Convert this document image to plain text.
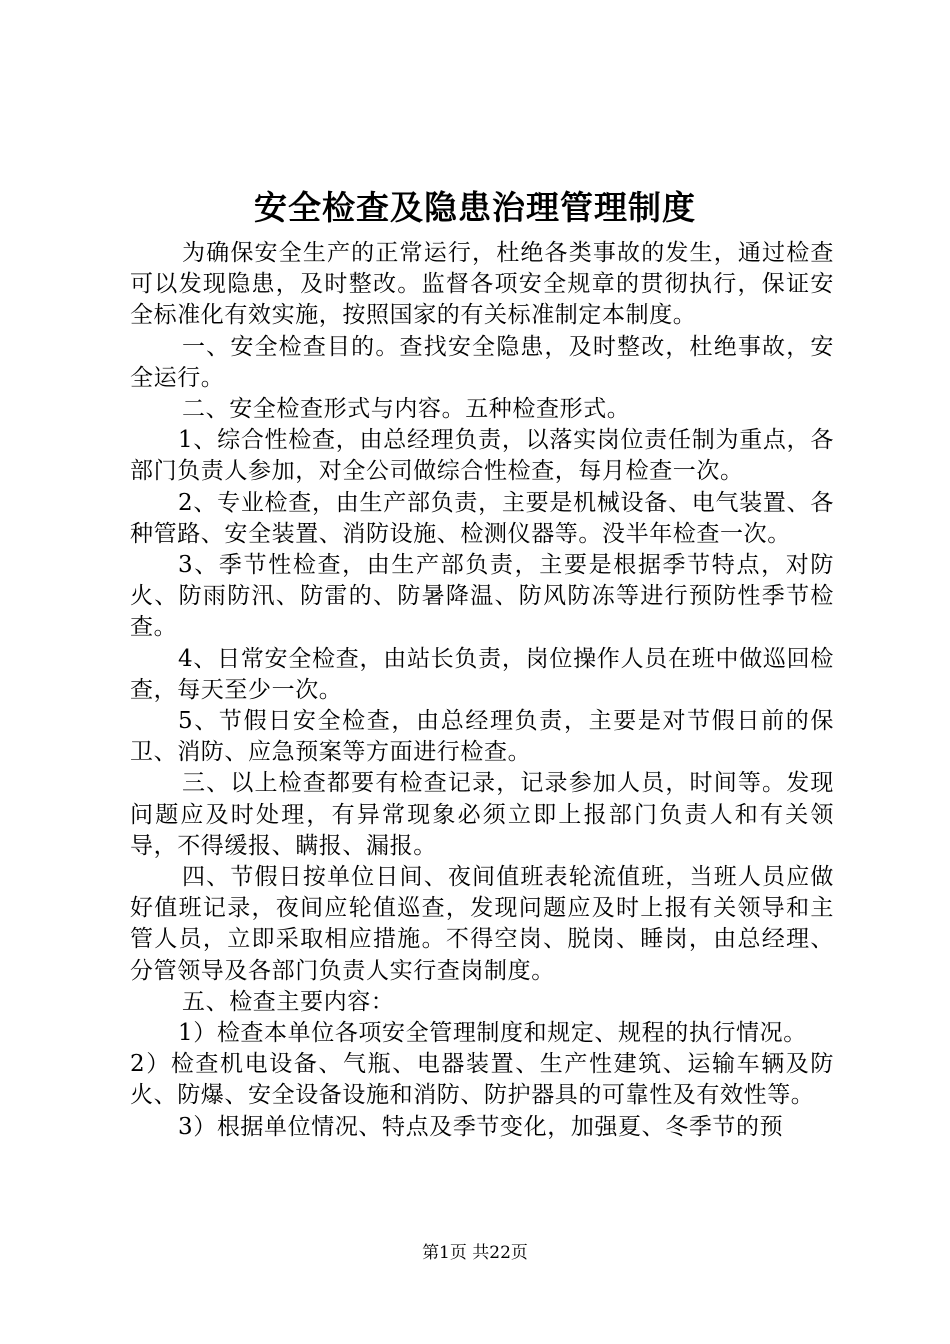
安全检查及隐患治理管理制度

为确保安全生产的正常运行，杜绝各类事故的发生，通过检查可以发现隐患，及时整改。监督各项安全规章的贯彻执行，保证安全标准化有效实施，按照国家的有关标准制定本制度。

一、安全检查目的。查找安全隐患，及时整改，杜绝事故，安全运行。

二、安全检查形式与内容。五种检查形式。

1、综合性检查，由总经理负责，以落实岗位责任制为重点，各部门负责人参加，对全公司做综合性检查，每月检查一次。

2、专业检查，由生产部负责，主要是机械设备、电气装置、各种管路、安全装置、消防设施、检测仪器等。没半年检查一次。

3、季节性检查，由生产部负责，主要是根据季节特点，对防火、防雨防汛、防雷的、防暑降温、防风防冻等进行预防性季节检查。

4、日常安全检查，由站长负责，岗位操作人员在班中做巡回检查，每天至少一次。

5、节假日安全检查，由总经理负责，主要是对节假日前的保卫、消防、应急预案等方面进行检查。

三、以上检查都要有检查记录，记录参加人员，时间等。发现问题应及时处理，有异常现象必须立即上报部门负责人和有关领导，不得缓报、瞒报、漏报。

四、节假日按单位日间、夜间值班表轮流值班，当班人员应做好值班记录，夜间应轮值巡查，发现问题应及时上报有关领导和主管人员，立即采取相应措施。不得空岗、脱岗、睡岗，由总经理、分管领导及各部门负责人实行查岗制度。

五、检查主要内容：

1）检查本单位各项安全管理制度和规定、规程的执行情况。

2）检查机电设备、气瓶、电器装置、生产性建筑、运输车辆及防火、防爆、安全设备设施和消防、防护器具的可靠性及有效性等。

3）根据单位情况、特点及季节变化，加强夏、冬季节的预

第1页 共22页
